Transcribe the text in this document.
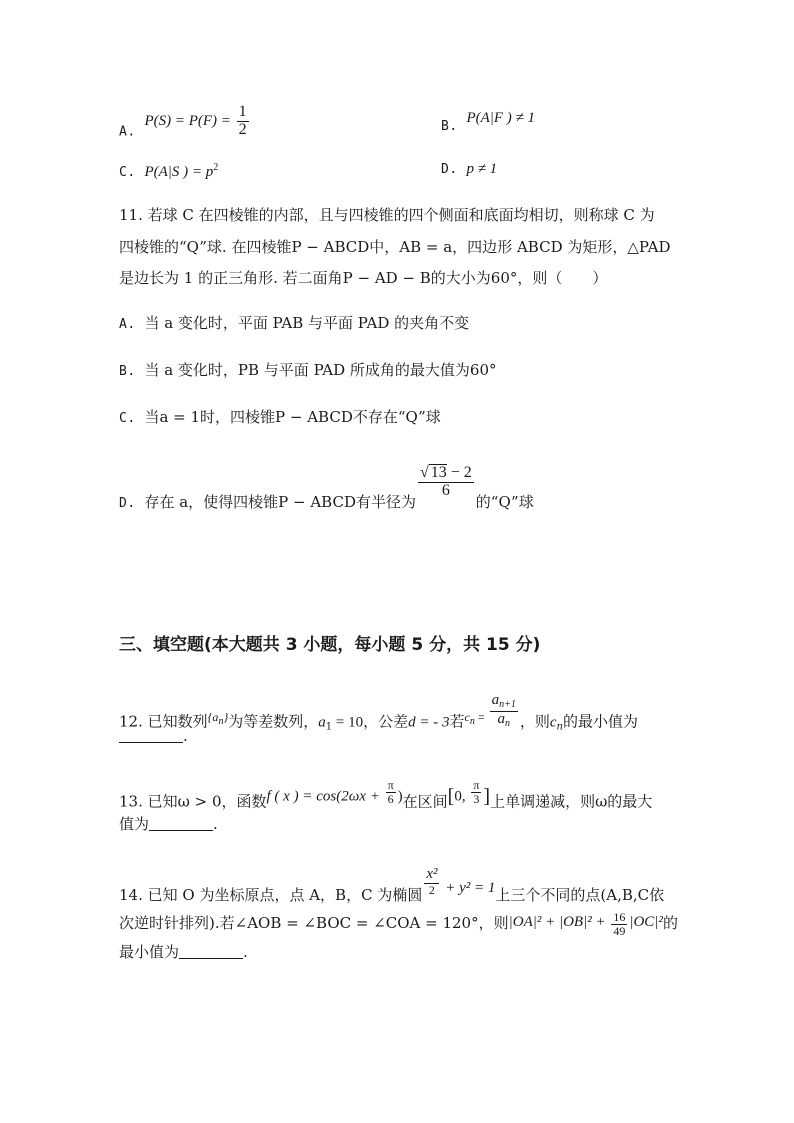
A. $P(S) = P(F) = \frac{1}{2}$	B. P(A|F ) ≠ 1
C. P(A|S ) = $p^2$	D. p ≠ 1
11. 若球 C 在四棱锥的内部，且与四棱锥的四个侧面和底面均相切，则称球 C 为
四棱锥的“Q”球. 在四棱锥P − ABCD中，AB = a，四边形 ABCD 为矩形，△PAD
是边长为 1 的正三角形. 若二面角P − AD − B的大小为60°，则（　　）
A. 当 a 变化时，平面 PAB 与平面 PAD 的夹角不变
B. 当 a 变化时，PB 与平面 PAD 所成角的最大值为60°
C. 当a = 1时，四棱锥P − ABCD不存在“Q”球
D. 存在 a，使得四棱锥P − ABCD有半径为
$\frac{√ 13 - 2}{6}$
的“Q”球
三、填空题(本大题共 3 小题，每小题 5 分，共 15 分)
12. 已知数列$^{\{a_n\}}$为等差数列，$a_1 = 10$，公差d = - 3若$^{c_n =} \frac{a_{n+1}}{a_n}$ ，则$c_n$的最小值为
.
13. 已知ω > 0，函数f ( x ) = $\cos(2\omega x + \frac{\pi}{6}$ )在区间[0, $\frac{\pi}{3}$ ]上单调递减，则ω的最大
值为	.
14. 已知 O 为坐标原点，点 A，B，C 为椭圆 $\frac{\text{x²}}{2} + y^2 = 1$上三个不同的点(A,B,C依
次逆时针排列).若∠AOB = ∠BOC = ∠COA = 120°，则$|OA|^2 + |OB|^2 + \frac{16}{49} |OC|^2$的
最小值为	.
